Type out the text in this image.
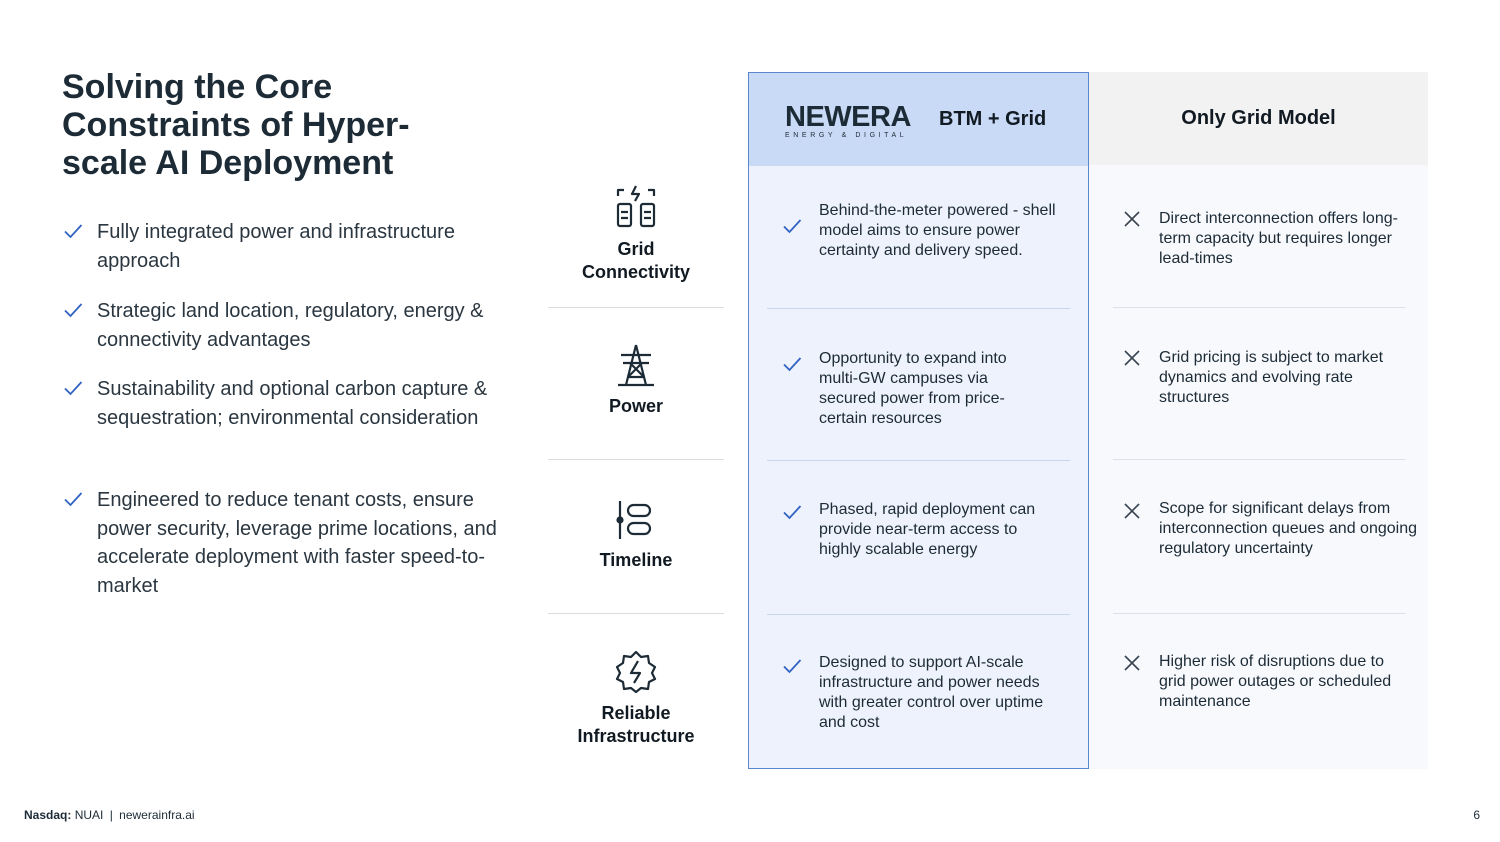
Solving the Core Constraints of Hyper-scale AI Deployment
Fully integrated power and infrastructure approach
Strategic land location, regulatory, energy & connectivity advantages
Sustainability and optional carbon capture & sequestration; environmental consideration
Engineered to reduce tenant costs, ensure power security, leverage prime locations, and accelerate deployment with faster speed-to-market
Grid Connectivity
Power
Timeline
Reliable Infrastructure
NEWERA
ENERGY & DIGITAL
BTM + Grid
Behind-the-meter powered - shell model aims to ensure power certainty and delivery speed.
Opportunity to expand into multi-GW campuses via secured power from price-certain resources
Phased, rapid deployment can provide near-term access to highly scalable energy
Designed to support AI-scale infrastructure and power needs with greater control over uptime and cost
Only Grid Model
Direct interconnection offers long-term capacity but requires longer lead-times
Grid pricing is subject to market dynamics and evolving rate structures
Scope for significant delays from interconnection queues and ongoing regulatory uncertainty
Higher risk of disruptions due to grid power outages or scheduled maintenance
Nasdaq: NUAI | newerainfra.ai	6
